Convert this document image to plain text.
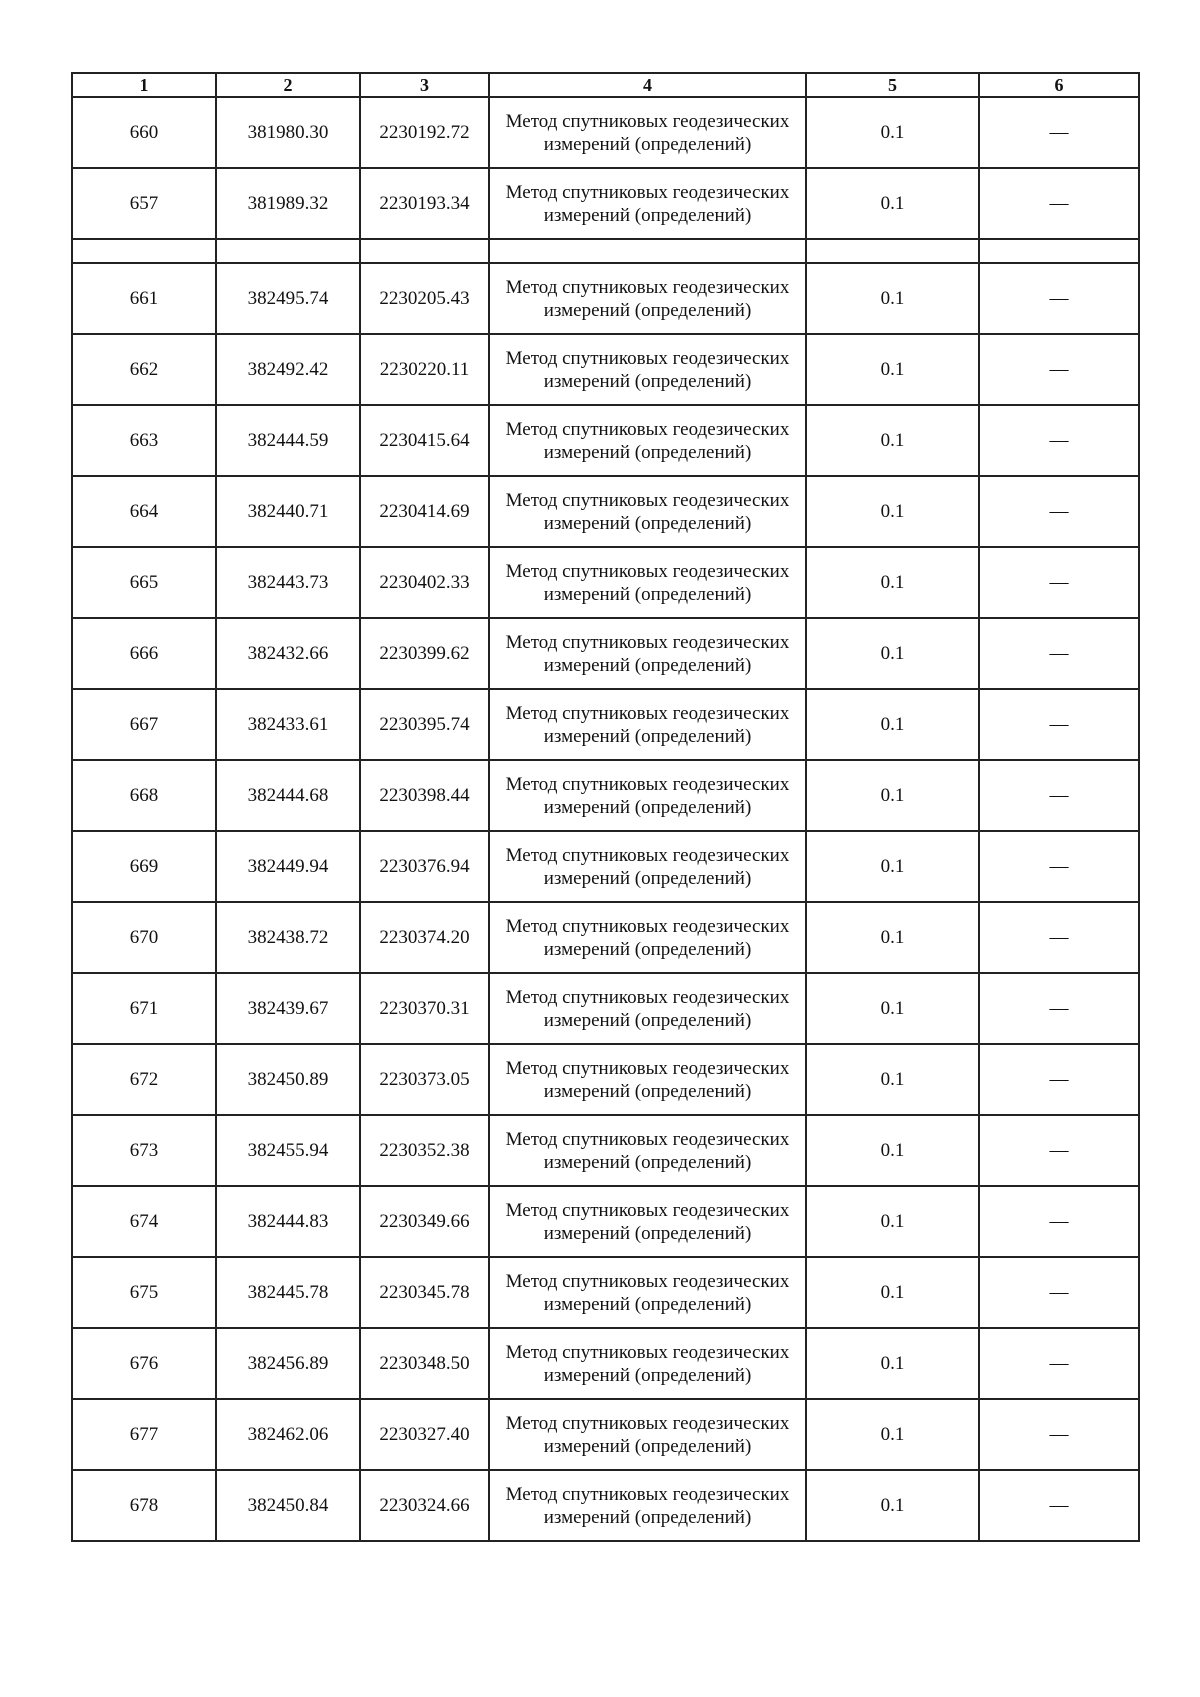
1	2	3	4	5	6
660	381980.30	2230192.72	Метод спутниковых геодезических измерений (определений)	0.1	—
657	381989.32	2230193.34	Метод спутниковых геодезических измерений (определений)	0.1	—

661	382495.74	2230205.43	Метод спутниковых геодезических измерений (определений)	0.1	—
662	382492.42	2230220.11	Метод спутниковых геодезических измерений (определений)	0.1	—
663	382444.59	2230415.64	Метод спутниковых геодезических измерений (определений)	0.1	—
664	382440.71	2230414.69	Метод спутниковых геодезических измерений (определений)	0.1	—
665	382443.73	2230402.33	Метод спутниковых геодезических измерений (определений)	0.1	—
666	382432.66	2230399.62	Метод спутниковых геодезических измерений (определений)	0.1	—
667	382433.61	2230395.74	Метод спутниковых геодезических измерений (определений)	0.1	—
668	382444.68	2230398.44	Метод спутниковых геодезических измерений (определений)	0.1	—
669	382449.94	2230376.94	Метод спутниковых геодезических измерений (определений)	0.1	—
670	382438.72	2230374.20	Метод спутниковых геодезических измерений (определений)	0.1	—
671	382439.67	2230370.31	Метод спутниковых геодезических измерений (определений)	0.1	—
672	382450.89	2230373.05	Метод спутниковых геодезических измерений (определений)	0.1	—
673	382455.94	2230352.38	Метод спутниковых геодезических измерений (определений)	0.1	—
674	382444.83	2230349.66	Метод спутниковых геодезических измерений (определений)	0.1	—
675	382445.78	2230345.78	Метод спутниковых геодезических измерений (определений)	0.1	—
676	382456.89	2230348.50	Метод спутниковых геодезических измерений (определений)	0.1	—
677	382462.06	2230327.40	Метод спутниковых геодезических измерений (определений)	0.1	—
678	382450.84	2230324.66	Метод спутниковых геодезических измерений (определений)	0.1	—
